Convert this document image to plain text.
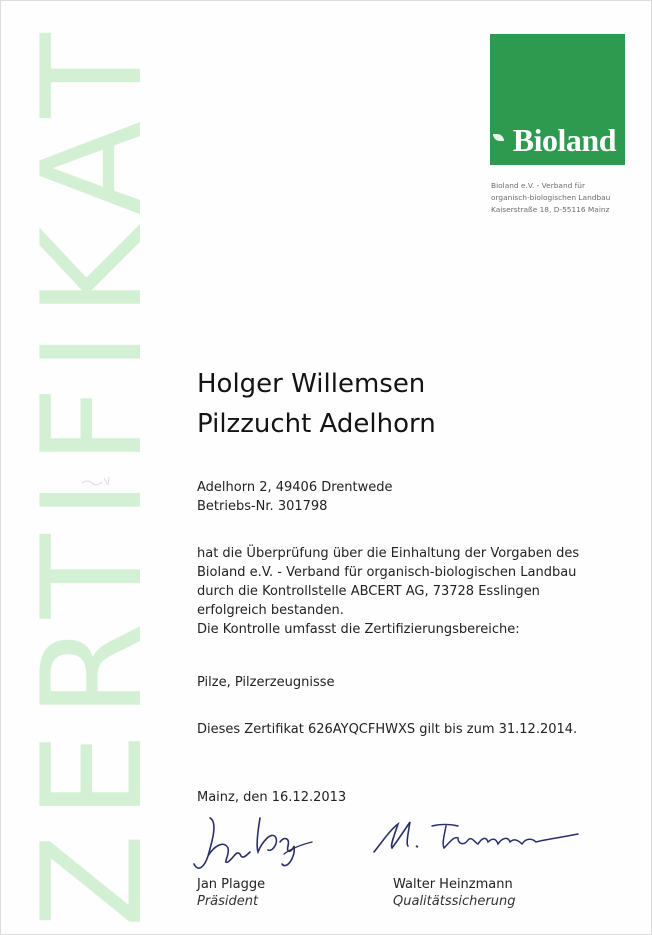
ZERTIFIKAT	Bioland
Bioland e.V. - Verband für
organisch-biologischen Landbau
Kaiserstraße 18, D-55116 Mainz
Holger Willemsen
Pilzzucht Adelhorn
Adelhorn 2, 49406 Drentwede
Betriebs-Nr. 301798
hat die Überprüfung über die Einhaltung der Vorgaben des
Bioland e.V. - Verband für organisch-biologischen Landbau
durch die Kontrollstelle ABCERT AG, 73728 Esslingen
erfolgreich bestanden.
Die Kontrolle umfasst die Zertifizierungsbereiche:
Pilze, Pilzerzeugnisse
Dieses Zertifikat 626AYQCFHWXS gilt bis zum 31.12.2014.
Mainz, den 16.12.2013
Jan Plagge
Präsident
Walter Heinzmann
Qualitätssicherung
